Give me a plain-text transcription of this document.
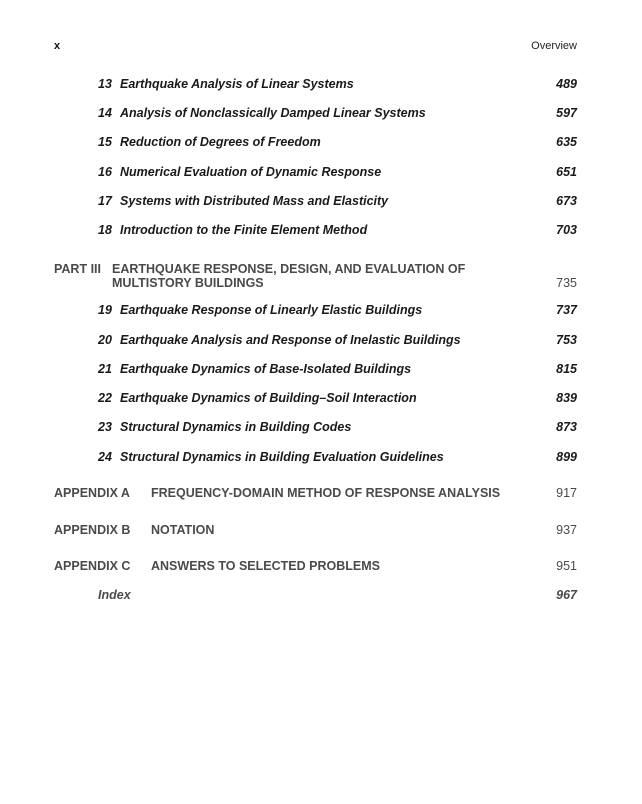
x	Overview
13 Earthquake Analysis of Linear Systems	489
14 Analysis of Nonclassically Damped Linear Systems	597
15 Reduction of Degrees of Freedom	635
16 Numerical Evaluation of Dynamic Response	651
17 Systems with Distributed Mass and Elasticity	673
18 Introduction to the Finite Element Method	703
PART III EARTHQUAKE RESPONSE, DESIGN, AND EVALUATION OF
MULTISTORY BUILDINGS	735
19 Earthquake Response of Linearly Elastic Buildings	737
20 Earthquake Analysis and Response of Inelastic Buildings	753
21 Earthquake Dynamics of Base-Isolated Buildings	815
22 Earthquake Dynamics of Building–Soil Interaction	839
23 Structural Dynamics in Building Codes	873
24 Structural Dynamics in Building Evaluation Guidelines	899
APPENDIX A FREQUENCY-DOMAIN METHOD OF RESPONSE ANALYSIS	917
APPENDIX B NOTATION	937
APPENDIX C ANSWERS TO SELECTED PROBLEMS	951
Index	967
